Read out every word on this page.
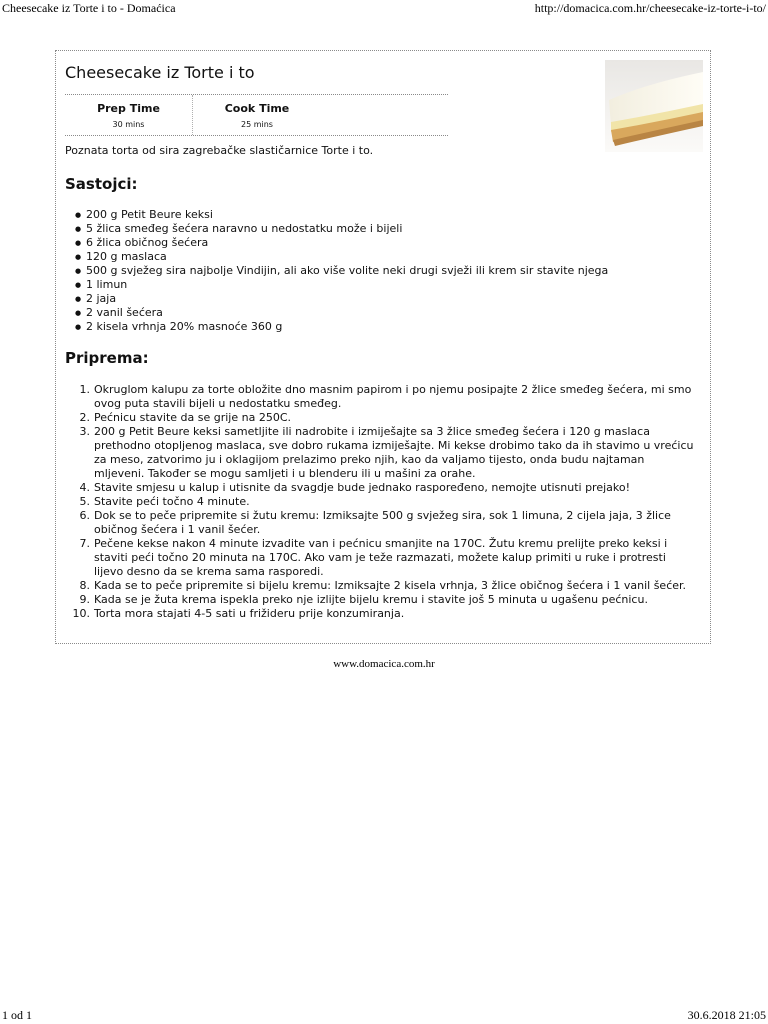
Cheesecake iz Torte i to - Domaćica	http://domacica.com.hr/cheesecake-iz-torte-i-to/
Cheesecake iz Torte i to
Prep Time
30 mins
Cook Time
25 mins

Poznata torta od sira zagrebačke slastičarnice Torte i to.

Sastojci:
● 200 g Petit Beure keksi
● 5 žlica smeđeg šećera naravno u nedostatku može i bijeli
● 6 žlica običnog šećera
● 120 g maslaca
● 500 g svježeg sira najbolje Vindijin, ali ako više volite neki drugi svježi ili krem sir stavite njega
● 1 limun
● 2 jaja
● 2 vanil šećera
● 2 kisela vrhnja 20% masnoće 360 g
Priprema:
1. Okruglom kalupu za torte obložite dno masnim papirom i po njemu posipajte 2 žlice smeđeg šećera, mi smo ovog puta stavili bijeli u nedostatku smeđeg.
2. Pećnicu stavite da se grije na 250C.
3. 200 g Petit Beure keksi sametljite ili nadrobite i izmiješajte sa 3 žlice smeđeg šećera i 120 g maslaca prethodno otopljenog maslaca, sve dobro rukama izmiješajte. Mi kekse drobimo tako da ih stavimo u vrećicu za meso, zatvorimo ju i oklagijom prelazimo preko njih, kao da valjamo tijesto, onda budu najtaman mljeveni. Također se mogu samljeti i u blenderu ili u mašini za orahe.
4. Stavite smjesu u kalup i utisnite da svagdje bude jednako raspoređeno, nemojte utisnuti prejako!
5. Stavite peći točno 4 minute.
6. Dok se to peče pripremite si žutu kremu: Izmiksajte 500 g svježeg sira, sok 1 limuna, 2 cijela jaja, 3 žlice običnog šećera i 1 vanil šećer.
7. Pečene kekse nakon 4 minute izvadite van i pećnicu smanjite na 170C. Žutu kremu prelijte preko keksi i staviti peći točno 20 minuta na 170C. Ako vam je teže razmazati, možete kalup primiti u ruke i protresti lijevo desno da se krema sama rasporedi.
8. Kada se to peče pripremite si bijelu kremu: Izmiksajte 2 kisela vrhnja, 3 žlice običnog šećera i 1 vanil šećer.
9. Kada se je žuta krema ispekla preko nje izlijte bijelu kremu i stavite još 5 minuta u ugašenu pećnicu.
10. Torta mora stajati 4-5 sati u frižideru prije konzumiranja.
www.domacica.com.hr
1 od 1	30.6.2018 21:05
